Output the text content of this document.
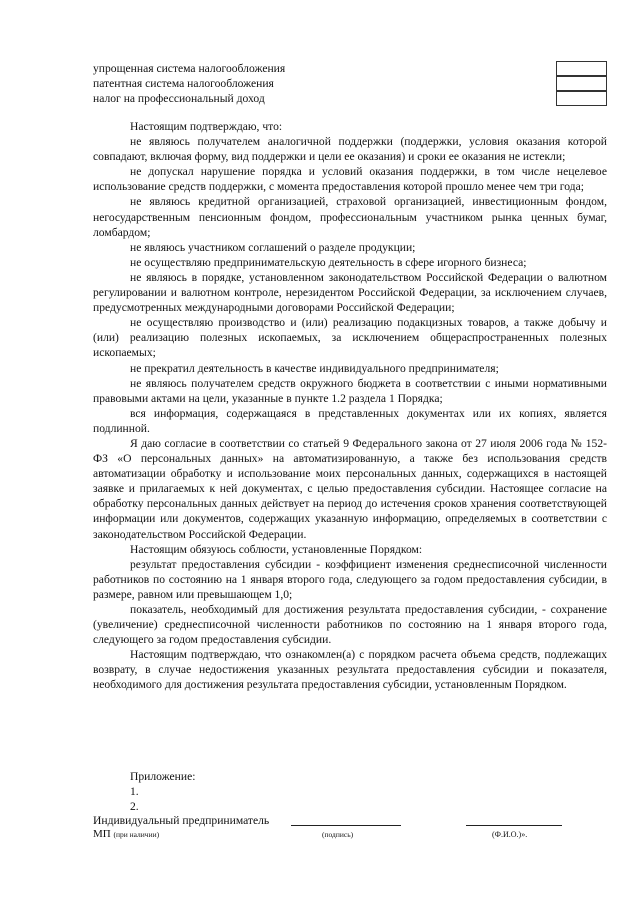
упрощенная система налогообложения
патентная система налогообложения
налог на профессиональный доход

Настоящим подтверждаю, что:

не являюсь получателем аналогичной поддержки (поддержки, условия оказания которой совпадают, включая форму, вид поддержки и цели ее оказания) и сроки ее оказания не истекли;

не допускал нарушение порядка и условий оказания поддержки, в том числе нецелевое использование средств поддержки, с момента предоставления которой прошло менее чем три года;

не являюсь кредитной организацией, страховой организацией, инвестиционным фондом, негосударственным пенсионным фондом, профессиональным участником рынка ценных бумаг, ломбардом;

не являюсь участником соглашений о разделе продукции;

не осуществляю предпринимательскую деятельность в сфере игорного бизнеса;

не являюсь в порядке, установленном законодательством Российской Федерации о валютном регулировании и валютном контроле, нерезидентом Российской Федерации, за исключением случаев, предусмотренных международными договорами Российской Федерации;

не осуществляю производство и (или) реализацию подакцизных товаров, а также добычу и (или) реализацию полезных ископаемых, за исключением общераспространенных полезных ископаемых;

не прекратил деятельность в качестве индивидуального предпринимателя;

не являюсь получателем средств окружного бюджета в соответствии с иными нормативными правовыми актами на цели, указанные в пункте 1.2 раздела 1 Порядка;

вся информация, содержащаяся в представленных документах или их копиях, является подлинной.

Я даю согласие в соответствии со статьей 9 Федерального закона от 27 июля 2006 года № 152-ФЗ «О персональных данных» на автоматизированную, а также без использования средств автоматизации обработку и использование моих персональных данных, содержащихся в настоящей заявке и прилагаемых к ней документах, с целью предоставления субсидии. Настоящее согласие на обработку персональных данных действует на период до истечения сроков хранения соответствующей информации или документов, содержащих указанную информацию, определяемых в соответствии с законодательством Российской Федерации.

Настоящим обязуюсь соблюсти, установленные Порядком:

результат предоставления субсидии - коэффициент изменения среднесписочной численности работников по состоянию на 1 января второго года, следующего за годом предоставления субсидии, в размере, равном или превышающем 1,0;

показатель, необходимый для достижения результата предоставления субсидии, - сохранение (увеличение) среднесписочной численности работников по состоянию на 1 января второго года, следующего за годом предоставления субсидии.

Настоящим подтверждаю, что ознакомлен(а) с порядком расчета объема средств, подлежащих возврату, в случае недостижения указанных результата предоставления субсидии и показателя, необходимого для достижения результата предоставления субсидии, установленным Порядком.

Приложение:
1.
2.
Индивидуальный предприниматель
МП (при наличии)	(подпись)	(Ф.И.О.)».
